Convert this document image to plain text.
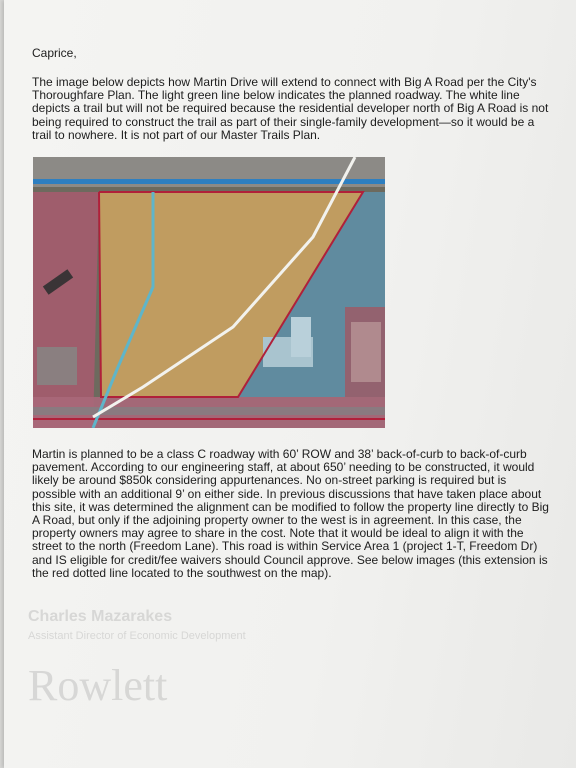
Charles Mazarakes
Assistant Director of Economic Development
Rowlett

Caprice,

The image below depicts how Martin Drive will extend to connect with Big A Road per the City's Thoroughfare Plan. The light green line below indicates the planned roadway. The white line depicts a trail but will not be required because the residential developer north of Big A Road is not being required to construct the trail as part of their single-family development—so it would be a trail to nowhere. It is not part of our Master Trails Plan.

Martin is planned to be a class C roadway with 60’ ROW and 38’ back-of-curb to back-of-curb pavement. According to our engineering staff, at about 650’ needing to be constructed, it would likely be around $850k considering appurtenances. No on-street parking is required but is possible with an additional 9’ on either side. In previous discussions that have taken place about this site, it was determined the alignment can be modified to follow the property line directly to Big A Road, but only if the adjoining property owner to the west is in agreement. In this case, the property owners may agree to share in the cost. Note that it would be ideal to align it with the street to the north (Freedom Lane). This road is within Service Area 1 (project 1-T, Freedom Dr) and IS eligible for credit/fee waivers should Council approve. See below images (this extension is the red dotted line located to the southwest on the map).
